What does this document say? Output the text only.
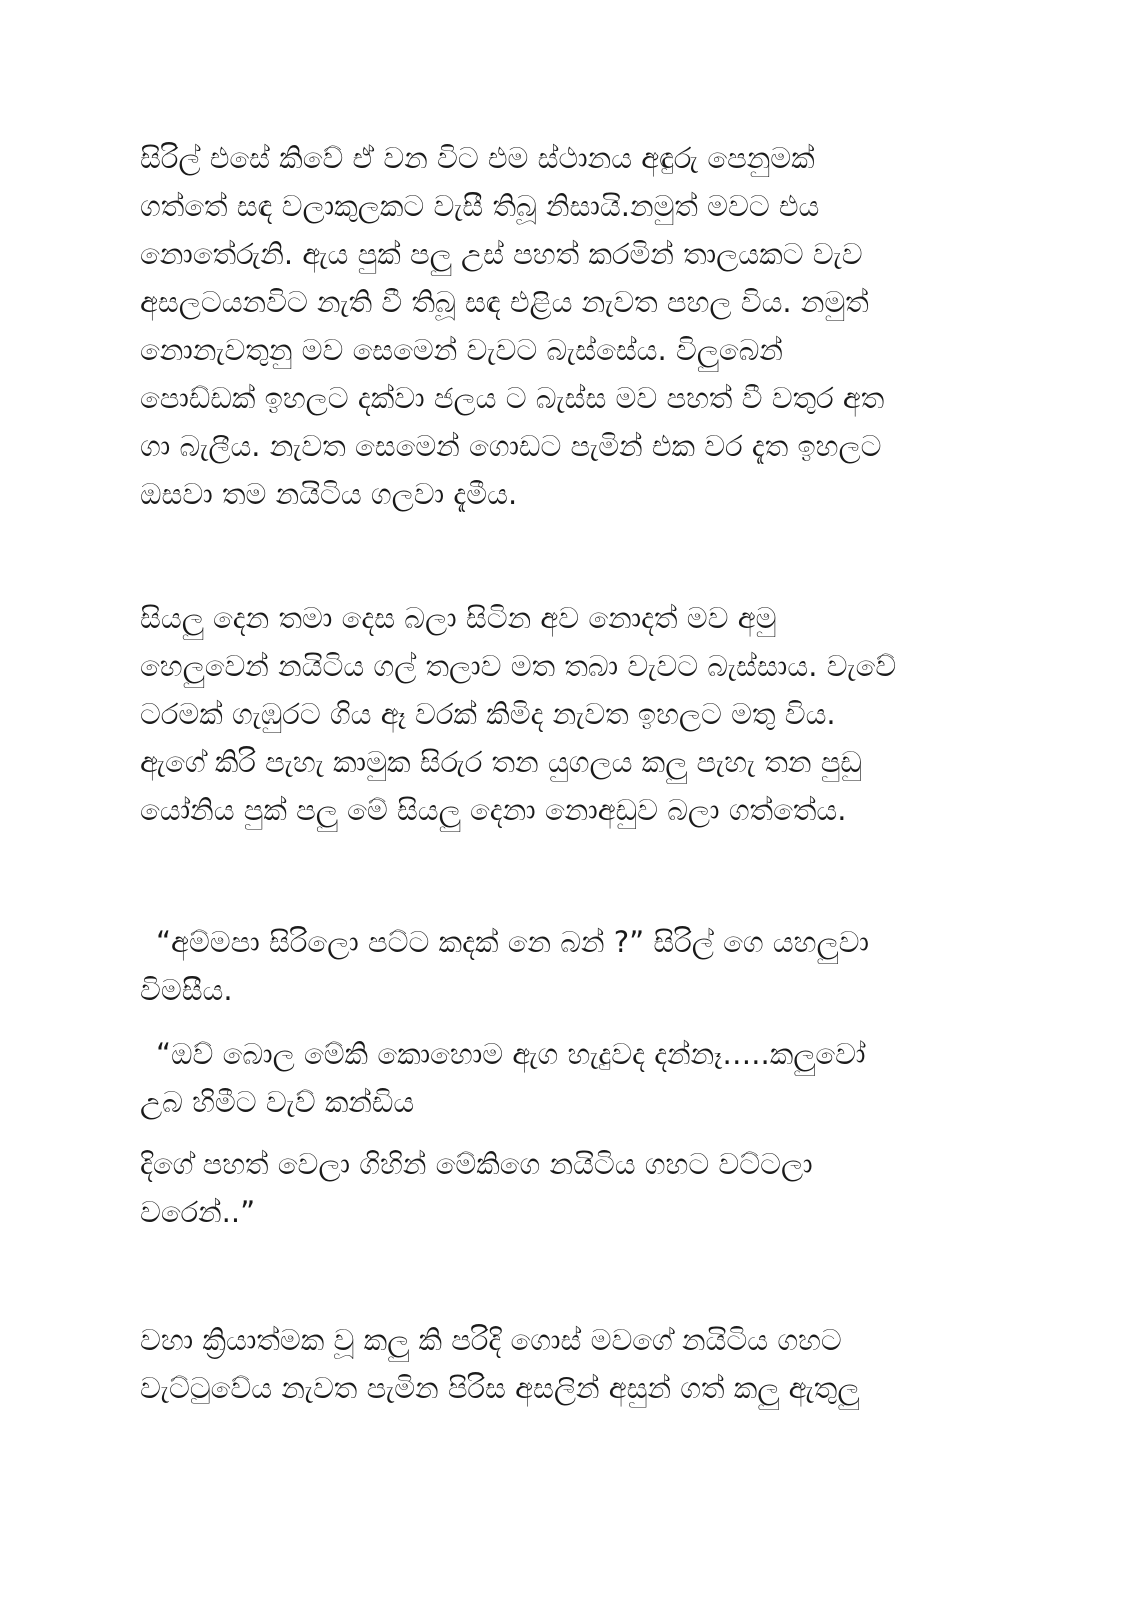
සිරිල් එසේ කිවේ ඒ වන විට එම ස්ථානය අඳුරු පෙනුමක්
ගත්තේ සඳ වලාකුලකට වැසී තිබූ නිසායි.නමුත් මවට එය
නොතේරුනි. ඇය පුක් පලු උස් පහත් කරමින් තාලයකට වැව
අසලටයනවිට නැති වී තිබූ සඳ එළිය නැවත පහල විය. නමුත්
නොනැවතුනු මව සෙමෙන් වැවට බැස්සේය. විලුබෙන්
පොඩ්ඩක් ඉහලට දක්වා ජලය ට බැස්ස මව පහත් වී වතුර අත
ගා බැලීය. නැවත සෙමෙන් ගොඩට පැමින් එක වර දැත ඉහලට
ඔසවා තම නයිටිය ගලවා දැමීය.
සියලු දෙන තමා දෙස බලා සිටින අව නොදත් මව අමු
හෙලුවෙන් නයිටිය ගල් තලාව මත තබා වැවට බැස්සාය. වැවේ
ටරමක් ගැඹුරට ගිය ඈ වරක් කිමිද නැවත ඉහලට මතු විය.
ඇගේ කිරි පැහැ කාමුක සිරුර තන යුගලය කලු පැහැ තන පුඩු
යෝනිය පුක් පලු මේ සියලු දෙනා නොඅඩුව බලා ගත්තේය.
“අම්මපා සිරිලො පට්ට කදක් නෙ බන් ?” සිරිල් ගෙ යහලුවා
විමසීය.
“ඔව් බොල මේකි කොහොම ඇග හැදුවද දන්නෑ…..කලුවෝ
උබ හිමීට වැව් කන්ඩිය
දිගේ පහත් වෙලා ගිහින් මේකිගෙ නයිටිය ගහට වට්ටලා
වරෙන්..”
වහා ක්‍රියාත්මක වූ කලු කි පරිදි ගොස් මවගේ නයිටිය ගහට
වැට්ටුවේය නැවත පැමින පිරිස අසලින් අසුන් ගත් කලු ඇතුලු
